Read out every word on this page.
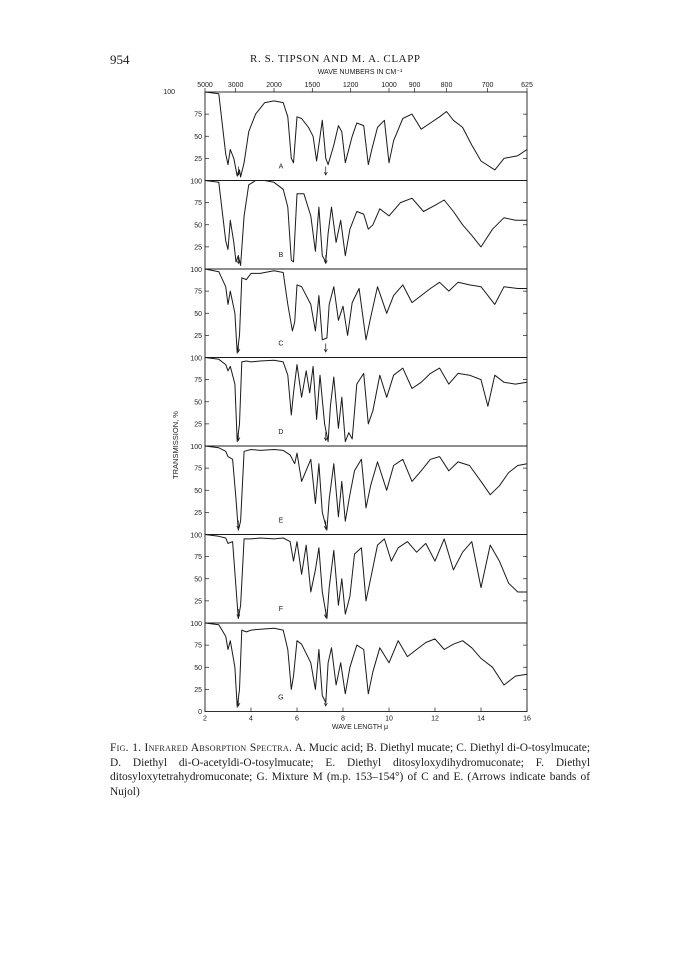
954	R. S. TIPSON AND M. A. CLAPP
WAVE NUMBERS IN CM⁻¹
5000 3000	2000	1500	1200	1000 900	800	700	625
100
75
50
25
A
75
50
25
100
B
75
50
25
100
C
75
50
25
100
D
75
50
25
100
E
75
50
25
100
F
75
50
25
0
100
G
2	4	6	8	10	12	14	16
WAVE LENGTH μ
TRANSMISSION, %
Fig. 1. Infrared Absorption Spectra. A. Mucic acid; B. Diethyl mucate; C. Diethyl di-O-tosylmucate; D. Diethyl di-O-acetyldi-O-tosylmucate; E. Diethyl ditosyloxydihydromuconate; F. Diethyl ditosyloxytetrahydromuconate; G. Mixture M (m.p. 153–154°) of C and E. (Arrows indicate bands of Nujol)
